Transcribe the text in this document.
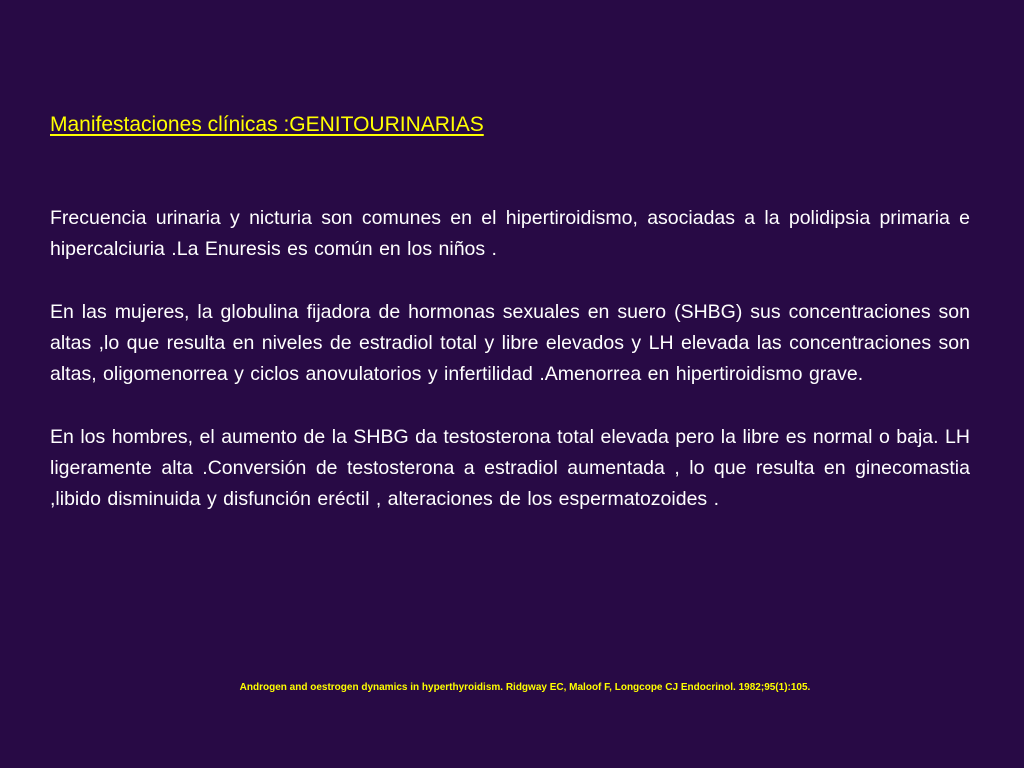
Manifestaciones clínicas :GENITOURINARIAS

Frecuencia urinaria y nicturia son comunes en el hipertiroidismo, asociadas a la polidipsia primaria e hipercalciuria .La Enuresis es común en los niños .

En las mujeres, la globulina fijadora de hormonas sexuales en suero (SHBG) sus concentraciones son altas ,lo que resulta en niveles de estradiol total y libre elevados y LH elevada las concentraciones son altas, oligomenorrea y ciclos anovulatorios y infertilidad .Amenorrea en hipertiroidismo grave.

En los hombres, el aumento de la SHBG da testosterona total elevada pero la libre es normal o baja. LH ligeramente alta .Conversión de testosterona a estradiol aumentada , lo que resulta en ginecomastia ,libido disminuida y disfunción eréctil , alteraciones de los espermatozoides .

Androgen and oestrogen dynamics in hyperthyroidism. Ridgway EC, Maloof F, Longcope CJ Endocrinol. 1982;95(1):105.
